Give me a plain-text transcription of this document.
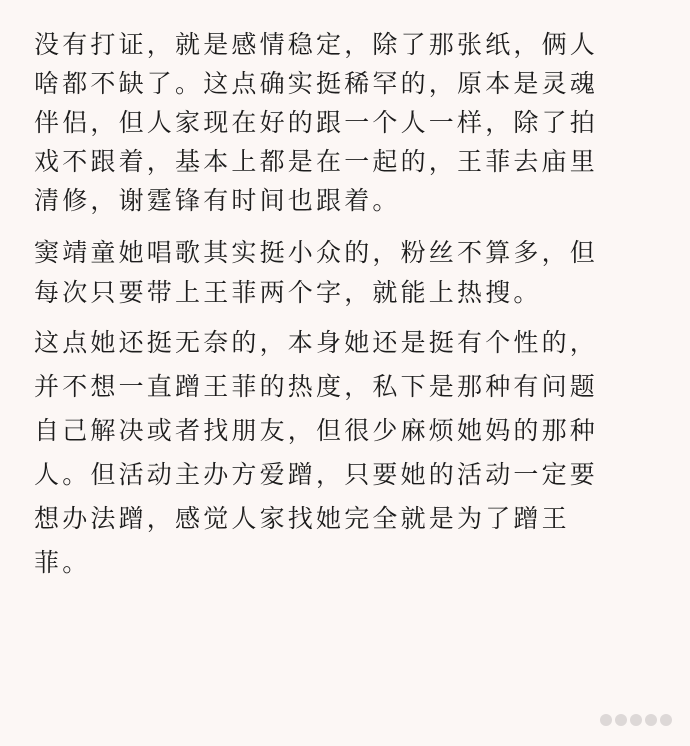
没有打证，就是感情稳定，除了那张纸，俩人
啥都不缺了。这点确实挺稀罕的，原本是灵魂
伴侣，但人家现在好的跟一个人一样，除了拍
戏不跟着，基本上都是在一起的，王菲去庙里
清修，谢霆锋有时间也跟着。
窦靖童她唱歌其实挺小众的，粉丝不算多，但
每次只要带上王菲两个字，就能上热搜。
这点她还挺无奈的，本身她还是挺有个性的，
并不想一直蹭王菲的热度，私下是那种有问题
自己解决或者找朋友，但很少麻烦她妈的那种
人。但活动主办方爱蹭，只要她的活动一定要
想办法蹭，感觉人家找她完全就是为了蹭王
菲。
